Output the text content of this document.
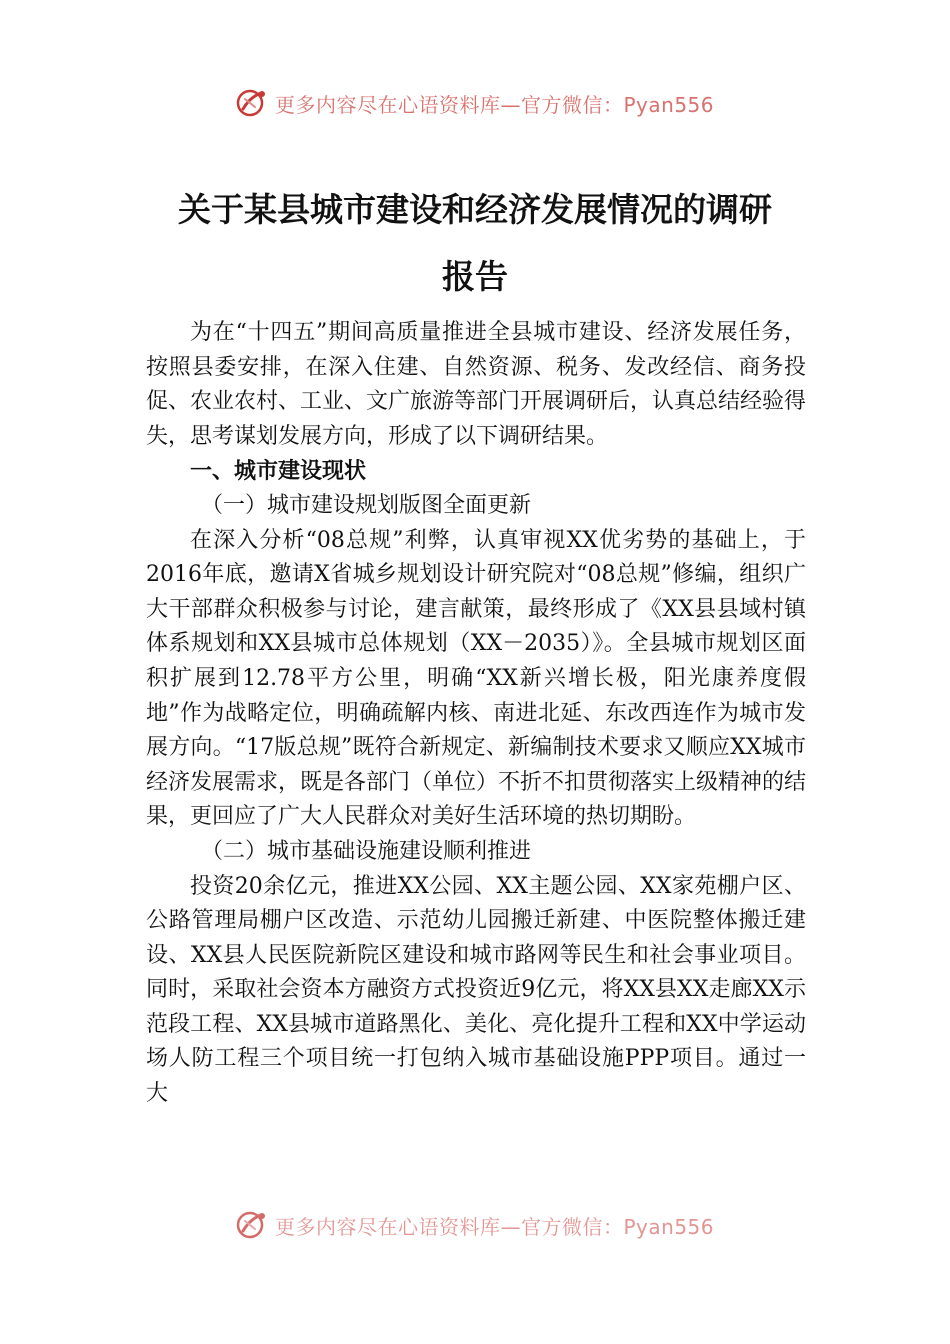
更多内容尽在心语资料库—官方微信：Pyan556
关于某县城市建设和经济发展情况的调研
报告

为在“十四五”期间高质量推进全县城市建设、经济发展任务，按照县委安排，在深入住建、自然资源、税务、发改经信、商务投促、农业农村、工业、文广旅游等部门开展调研后，认真总结经验得失，思考谋划发展方向，形成了以下调研结果。

一、城市建设现状
（一）城市建设规划版图全面更新

在深入分析“08总规”利弊，认真审视XX优劣势的基础上，于2016年底，邀请X省城乡规划设计研究院对“08总规”修编，组织广大干部群众积极参与讨论，建言献策，最终形成了《XX县县域村镇体系规划和XX县城市总体规划（XX－2035）》。全县城市规划区面积扩展到12.78平方公里，明确“XX新兴增长极，阳光康养度假地”作为战略定位，明确疏解内核、南进北延、东改西连作为城市发展方向。“17版总规”既符合新规定、新编制技术要求又顺应XX城市经济发展需求，既是各部门（单位）不折不扣贯彻落实上级精神的结果，更回应了广大人民群众对美好生活环境的热切期盼。

（二）城市基础设施建设顺利推进

投资20余亿元，推进XX公园、XX主题公园、XX家苑棚户区、公路管理局棚户区改造、示范幼儿园搬迁新建、中医院整体搬迁建设、XX县人民医院新院区建设和城市路网等民生和社会事业项目。同时，采取社会资本方融资方式投资近9亿元，将XX县XX走廊XX示范段工程、XX县城市道路黑化、美化、亮化提升工程和XX中学运动场人防工程三个项目统一打包纳入城市基础设施PPP项目。通过一大

更多内容尽在心语资料库—官方微信：Pyan556
